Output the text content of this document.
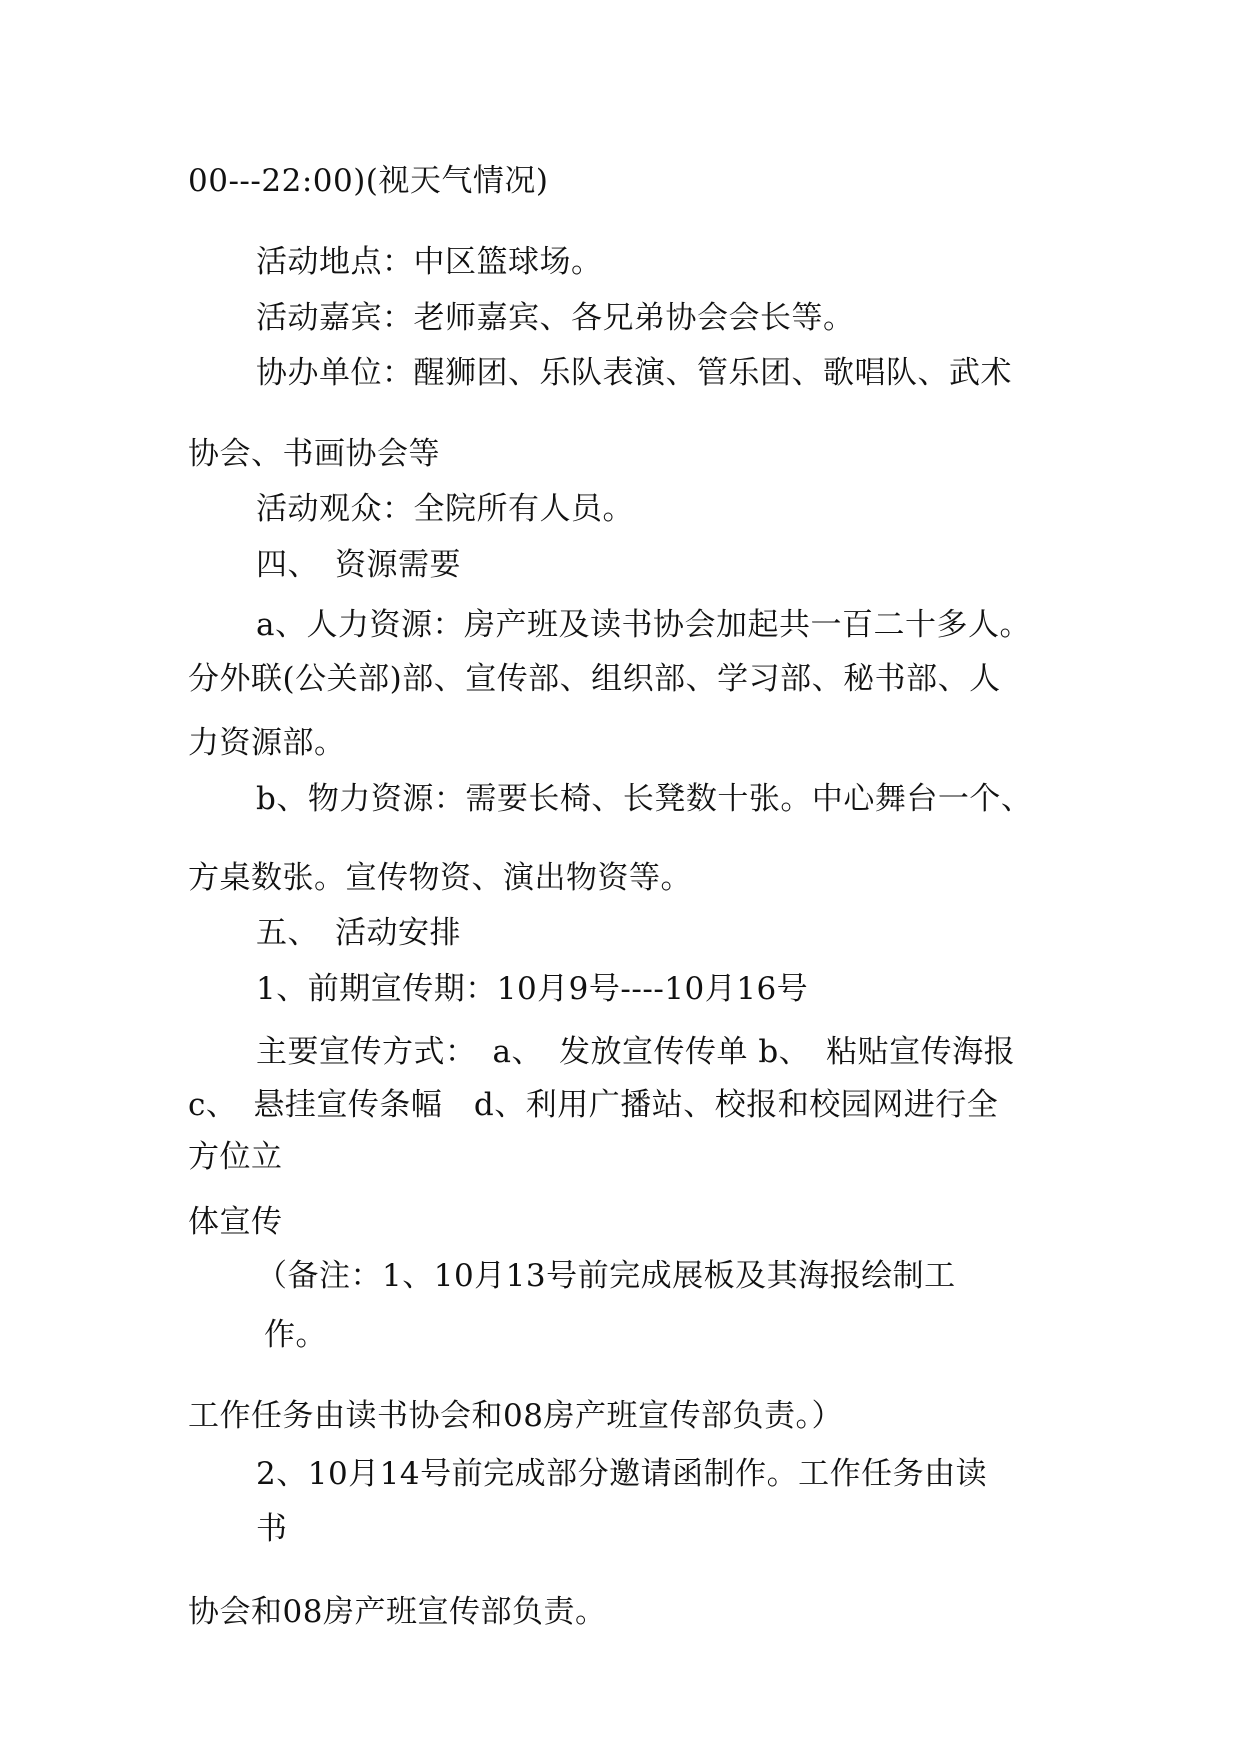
00---22:00)(视天气情况)
活动地点：中区篮球场。
活动嘉宾：老师嘉宾、各兄弟协会会长等。
协办单位：醒狮团、乐队表演、管乐团、歌唱队、武术
协会、书画协会等
活动观众：全院所有人员。
四、　资源需要
a、人力资源：房产班及读书协会加起共一百二十多人。
分外联(公关部)部、宣传部、组织部、学习部、秘书部、人
力资源部。
b、物力资源：需要长椅、长凳数十张。中心舞台一个、
方桌数张。宣传物资、演出物资等。
五、　活动安排
1、前期宣传期：10月9号----10月16号
主要宣传方式：　a、　发放宣传传单 b、　粘贴宣传海报
c、　悬挂宣传条幅　d、利用广播站、校报和校园网进行全
方位立
体宣传
（备注：1、10月13号前完成展板及其海报绘制工
作。
工作任务由读书协会和08房产班宣传部负责。）
2、10月14号前完成部分邀请函制作。工作任务由读
书
协会和08房产班宣传部负责。
